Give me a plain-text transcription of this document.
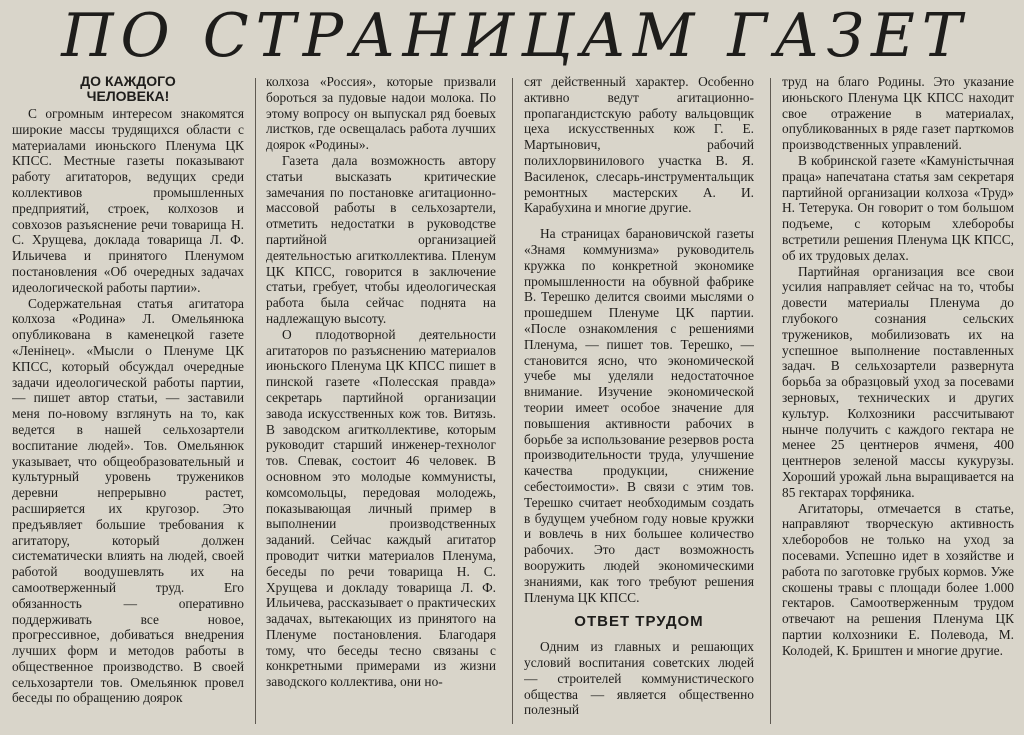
ПО СТРАНИЦАМ ГАЗЕТ
ДО КАЖДОГО
ЧЕЛОВЕКА!

С огромным интересом знакомятся широкие массы трудящихся области с материалами июньского Пленума ЦК КПСС. Местные газеты показывают работу агитаторов, ведущих среди коллективов промышленных предприятий, строек, колхозов и совхозов разъяснение речи товарища Н. С. Хрущева, доклада товарища Л. Ф. Ильичева и принятого Пленумом постановления «Об очередных задачах идеологической работы партии».

Содержательная статья агитатора колхоза «Родина» Л. Омельянюка опубликована в каменецкой газете «Ленінец». «Мысли о Пленуме ЦК КПСС, который обсуждал очередные задачи идеологической работы партии, — пишет автор статьи, — заставили меня по-новому взглянуть на то, как ведется в нашей сельхозартели воспитание людей». Тов. Омельянюк указывает, что общеобразовательный и культурный уровень тружеников деревни непрерывно растет, расширяется их кругозор. Это предъявляет большие требования к агитатору, который должен систематически влиять на людей, своей работой воодушевлять их на самоотверженный труд. Его обязанность — оперативно поддерживать все новое, прогрессивное, добиваться внедрения лучших форм и методов работы в общественное производство. В своей сельхозартели тов. Омельянюк провел беседы по обращению доярок

колхоза «Россия», которые призвали бороться за пудовые надои молока. По этому вопросу он выпускал ряд боевых листков, где освещалась работа лучших доярок «Родины».

Газета дала возможность автору статьи высказать критические замечания по постановке агитационно-массовой работы в сельхозартели, отметить недостатки в руководстве партийной организацией деятельностью агитколлектива. Пленум ЦК КПСС, говорится в заключение статьи, гребует, чтобы идеологическая работа была сейчас поднята на надлежащую высоту.

О плодотворной деятельности агитаторов по разъяснению материалов июньского Пленума ЦК КПСС пишет в пинской газете «Полесская правда» секретарь партийной организации завода искусственных кож тов. Витязь. В заводском агитколлективе, которым руководит старший инженер-технолог тов. Спевак, состоит 46 человек. В основном это молодые коммунисты, комсомольцы, передовая молодежь, показывающая личный пример в выполнении производственных заданий. Сейчас каждый агитатор проводит читки материалов Пленума, беседы по речи товарища Н. С. Хрущева и докладу товарища Л. Ф. Ильичева, рассказывает о практических задачах, вытекающих из принятого на Пленуме постановления. Благодаря тому, что беседы тесно связаны с конкретными примерами из жизни заводского коллектива, они но-

сят действенный характер. Особенно активно ведут агитационно-пропагандистскую работу вальцовщик цеха искусственных кож Г. Е. Мартынович, рабочий полихлорвинилового участка В. Я. Василенок, слесарь-инструментальщик ремонтных мастерских А. И. Карабухина и многие другие.

На страницах барановичской газеты «Знамя коммунизма» руководитель кружка по конкретной экономике промышленности на обувной фабрике В. Терешко делится своими мыслями о прошедшем Пленуме ЦК партии. «После ознакомления с решениями Пленума, — пишет тов. Терешко, — становится ясно, что экономической учебе мы уделяли недостаточное внимание. Изучение экономической теории имеет особое значение для повышения активности рабочих в борьбе за использование резервов роста производительности труда, улучшение качества продукции, снижение себестоимости». В связи с этим тов. Терешко считает необходимым создать в будущем учебном году новые кружки и вовлечь в них большее количество рабочих. Это даст возможность вооружить людей экономическими знаниями, как того требуют решения Пленума ЦК КПСС.

ОТВЕТ ТРУДОМ

Одним из главных и решающих условий воспитания советских людей — строителей коммунистического общества — является общественно полезный

труд на благо Родины. Это указание июньского Пленума ЦК КПСС находит свое отражение в материалах, опубликованных в ряде газет парткомов производственных управлений.

В кобринской газете «Камуністычная праца» напечатана статья зам секретаря партийной организации колхоза «Труд» Н. Тетерука. Он говорит о том большом подъеме, с которым хлеборобы встретили решения Пленума ЦК КПСС, об их трудовых делах.

Партийная организация все свои усилия направляет сейчас на то, чтобы довести материалы Пленума до глубокого сознания сельских тружеников, мобилизовать их на успешное выполнение поставленных задач. В сельхозартели развернута борьба за образцовый уход за посевами зерновых, технических и других культур. Колхозники рассчитывают нынче получить с каждого гектара не менее 25 центнеров ячменя, 400 центнеров зеленой массы кукурузы. Хороший урожай льна выращивается на 85 гектарах торфяника.

Агитаторы, отмечается в статье, направляют творческую активность хлеборобов не только на уход за посевами. Успешно идет в хозяйстве и работа по заготовке грубых кормов. Уже скошены травы с площади более 1.000 гектаров. Самоотверженным трудом отвечают на решения Пленума ЦК партии колхозники Е. Полевода, М. Колодей, К. Бриштен и многие другие.
